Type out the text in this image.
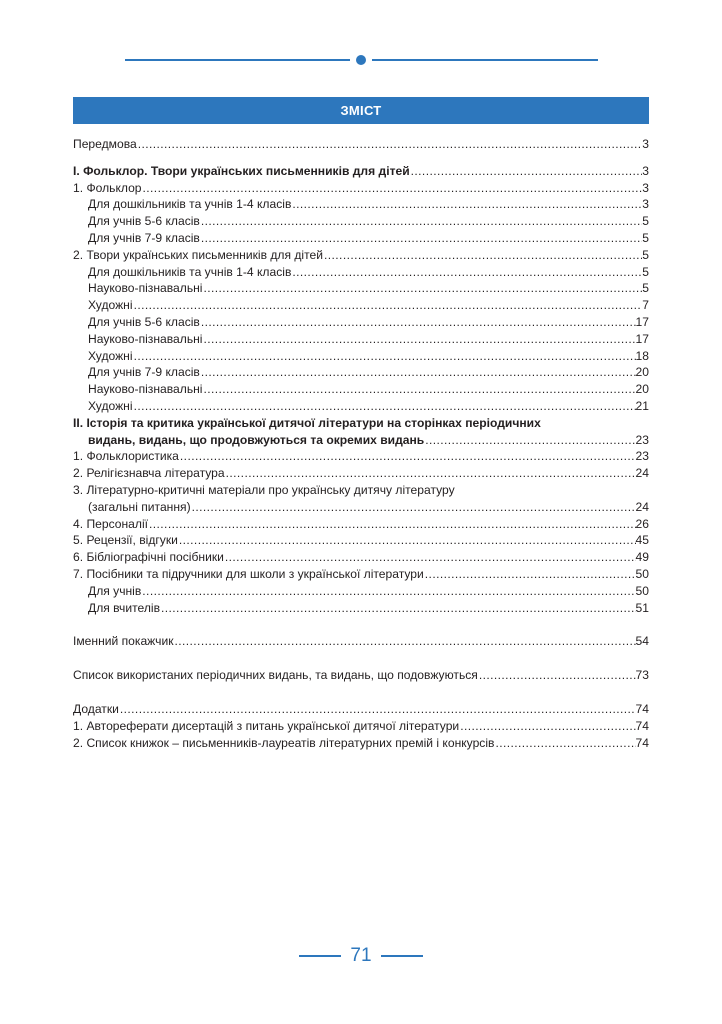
ЗМІСТ
Передмова .....	3
І. Фольклор. Твори українських письменників для дітей .....	3
1. Фольклор .....	3
Для дошкільників та учнів 1-4 класів .....	3
Для учнів 5-6 класів .....	5
Для учнів 7-9 класів .....	5
2. Твори українських письменників для дітей .....	5
Для дошкільників та учнів 1-4 класів .....	5
Науково-пізнавальні .....	5
Художні .....	7
Для учнів 5-6 класів .....	17
Науково-пізнавальні .....	17
Художні .....	18
Для учнів 7-9 класів .....	20
Науково-пізнавальні .....	20
Художні .....	21
ІІ. Історія та критика української дитячої літератури на сторінках періодичних
видань, видань, що продовжуються та окремих видань .....	23
1. Фольклористика .....	23
2. Релігієзнавча література .....	24
3. Літературно-критичні матеріали про українську дитячу літературу
(загальні питання) .....	24
4. Персоналії .....	26
5. Рецензії, відгуки .....	45
6. Бібліографічні посібники .....	49
7. Посібники та підручники для школи з української літератури .....	50
Для учнів .....	50
Для вчителів .....	51
Іменний покажчик .....	54
Список використаних періодичних видань, та видань, що подовжуються .....	73
Додатки .....	74
1. Автореферати дисертацій з питань української дитячої літератури .....	74
2. Список книжок – письменників-лауреатів літературних премій і конкурсів .....	74
71
